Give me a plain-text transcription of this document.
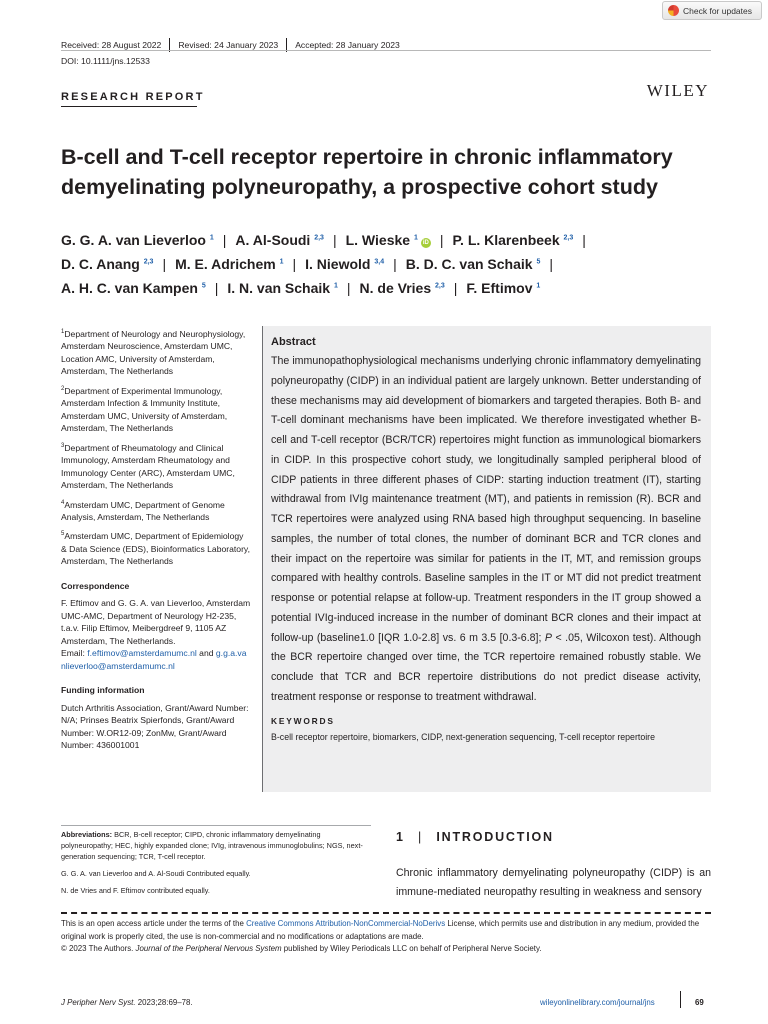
Check for updates
Received: 28 August 2022	Revised: 24 January 2023	Accepted: 28 January 2023
DOI: 10.1111/jns.12533
RESEARCH REPORT	WILEY
B-cell and T-cell receptor repertoire in chronic inflammatory demyelinating polyneuropathy, a prospective cohort study
G. G. A. van Lieverloo $^1$ | A. Al-Soudi $^{2,3}$ | L. Wieske $^1$iD | P. L. Klarenbeek $^{2,3}$ |
D. C. Anang $^{2,3}$ | M. E. Adrichem $^1$ | I. Niewold $^{3,4}$ | B. D. C. van Schaik $^5$ |
A. H. C. van Kampen $^5$ | I. N. van Schaik $^1$ | N. de Vries $^{2,3}$ | F. Eftimov $^1$

$^1$Department of Neurology and Neurophysiology, Amsterdam Neuroscience, Amsterdam UMC, Location AMC, University of Amsterdam, Amsterdam, The Netherlands

$^2$Department of Experimental Immunology, Amsterdam Infection & Immunity Institute, Amsterdam UMC, University of Amsterdam, Amsterdam, The Netherlands

$^3$Department of Rheumatology and Clinical Immunology, Amsterdam Rheumatology and Immunology Center (ARC), Amsterdam UMC, Amsterdam, The Netherlands

$^4$Amsterdam UMC, Department of Genome Analysis, Amsterdam, The Netherlands

$^5$Amsterdam UMC, Department of Epidemiology & Data Science (EDS), Bioinformatics Laboratory, Amsterdam, The Netherlands

Correspondence

F. Eftimov and G. G. A. van Lieverloo, Amsterdam UMC-AMC, Department of Neurology H2-235, t.a.v. Filip Eftimov, Meibergdreef 9, 1105 AZ Amsterdam, The Netherlands.
Email: f.eftimov@amsterdamumc.nl and g.g.a.vanlieverloo@amsterdamumc.nl

Funding information

Dutch Arthritis Association, Grant/Award Number: N/A; Prinses Beatrix Spierfonds, Grant/Award Number: W.OR12-09; ZonMw, Grant/Award Number: 436001001

Abstract
The immunopathophysiological mechanisms underlying chronic inflammatory demyelinating polyneuropathy (CIDP) in an individual patient are largely unknown. Better understanding of these mechanisms may aid development of biomarkers and targeted therapies. Both B- and T-cell dominant mechanisms have been implicated. We therefore investigated whether B-cell and T-cell receptor (BCR/TCR) repertoires might function as immunological biomarkers in CIDP. In this prospective cohort study, we longitudinally sampled peripheral blood of CIDP patients in three different phases of CIDP: starting induction treatment (IT), starting withdrawal from IVIg maintenance treatment (MT), and patients in remission (R). BCR and TCR repertoires were analyzed using RNA based high throughput sequencing. In baseline samples, the number of total clones, the number of dominant BCR and TCR clones and their impact on the repertoire was similar for patients in the IT, MT, and remission groups compared with healthy controls. Baseline samples in the IT or MT did not predict treatment response or potential relapse at follow-up. Treatment responders in the IT group showed a potential IVIg-induced increase in the number of dominant BCR clones and their impact at follow-up (baseline1.0 [IQR 1.0-2.8] vs. 6 m 3.5 [0.3-6.8]; P < .05, Wilcoxon test). Although the BCR repertoire changed over time, the TCR repertoire remained robustly stable. We conclude that TCR and BCR repertoire distributions do not predict disease activity, treatment response or response to treatment withdrawal.
KEYWORDS
B-cell receptor repertoire, biomarkers, CIDP, next-generation sequencing, T-cell receptor repertoire

Abbreviations: BCR, B-cell receptor; CIPD, chronic inflammatory demyelinating polyneuropathy; HEC, highly expanded clone; IVIg, intravenous immunoglobulins; NGS, next-generation sequencing; TCR, T-cell receptor.

G. G. A. van Lieverloo and A. Al-Soudi Contributed equally.

N. de Vries and F. Eftimov contributed equally.

1 | INTRODUCTION
Chronic inflammatory demyelinating polyneuropathy (CIDP) is an immune-mediated neuropathy resulting in weakness and sensory
This is an open access article under the terms of the Creative Commons Attribution-NonCommercial-NoDerivs License, which permits use and distribution in any medium, provided the original work is properly cited, the use is non-commercial and no modifications or adaptations are made.
© 2023 The Authors. Journal of the Peripheral Nervous System published by Wiley Periodicals LLC on behalf of Peripheral Nerve Society.
J Peripher Nerv Syst. 2023;28:69–78.	wileyonlinelibrary.com/journal/jns	69
